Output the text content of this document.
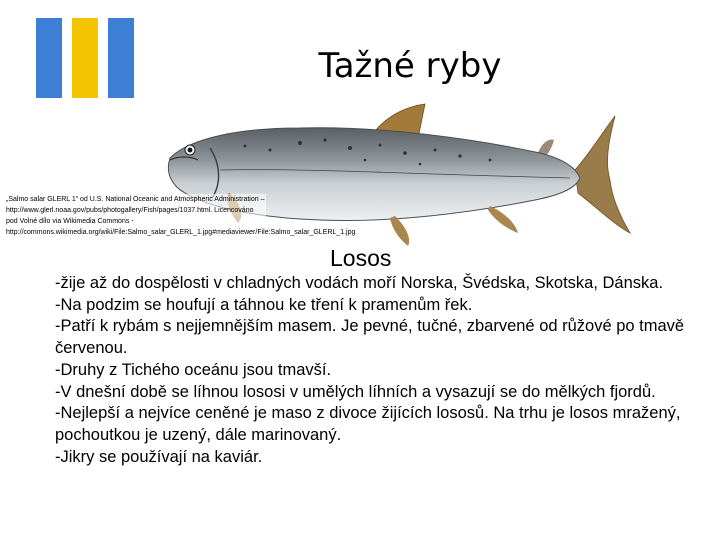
Tažné ryby
„Salmo salar GLERL 1“ od U.S. National Oceanic and Atmospheric Administration – http://www.glerl.noaa.gov/pubs/photogallery/Fish/pages/1037.html. Licencováno pod Volné dílo via Wikimedia Commons - http://commons.wikimedia.org/wiki/File:Salmo_salar_GLERL_1.jpg#mediaviewer/File:Salmo_salar_GLERL_1.jpg
Losos

-žije až do dospělosti v chladných vodách moří Norska, Švédska, Skotska, Dánska.

-Na podzim se houfují a táhnou ke tření k pramenům řek.

-Patří k rybám s nejjemnějším masem. Je pevné, tučné, zbarvené od růžové po tmavě červenou.

-Druhy z Tichého oceánu jsou tmavší.

-V dnešní době se líhnou lososi v umělých líhních a vysazují se do mělkých fjordů.

-Nejlepší a nejvíce ceněné je maso z divoce žijících lososů. Na trhu je losos mražený, pochoutkou je uzený, dále marinovaný.

-Jikry se používají na kaviár.
